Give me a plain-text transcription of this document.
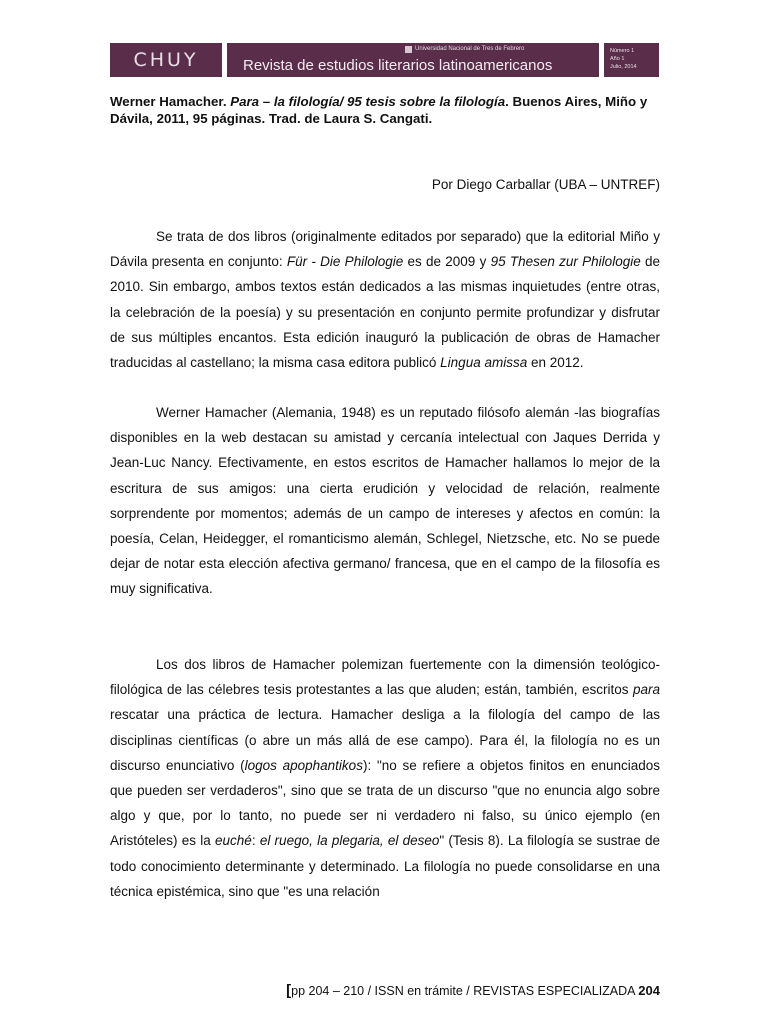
CHUY	Universidad Nacional de Tres de Febrero
Revista de estudios literarios latinoamericanos
Número 1
Año 1
Julio, 2014
Werner Hamacher. Para – la filología/ 95 tesis sobre la filología. Buenos Aires, Miño y Dávila, 2011, 95 páginas. Trad. de Laura S. Cangati.
Por Diego Carballar (UBA – UNTREF)
Se trata de dos libros (originalmente editados por separado) que la editorial Miño y Dávila presenta en conjunto: Für - Die Philologie es de 2009 y 95 Thesen zur Philologie de 2010. Sin embargo, ambos textos están dedicados a las mismas inquietudes (entre otras, la celebración de la poesía) y su presentación en conjunto permite profundizar y disfrutar de sus múltiples encantos. Esta edición inauguró la publicación de obras de Hamacher traducidas al castellano; la misma casa editora publicó Lingua amissa en 2012.
Werner Hamacher (Alemania, 1948) es un reputado filósofo alemán -las biografías disponibles en la web destacan su amistad y cercanía intelectual con Jaques Derrida y Jean-Luc Nancy. Efectivamente, en estos escritos de Hamacher hallamos lo mejor de la escritura de sus amigos: una cierta erudición y velocidad de relación, realmente sorprendente por momentos; además de un campo de intereses y afectos en común: la poesía, Celan, Heidegger, el romanticismo alemán, Schlegel, Nietzsche, etc. No se puede dejar de notar esta elección afectiva germano/ francesa, que en el campo de la filosofía es muy significativa.
Los dos libros de Hamacher polemizan fuertemente con la dimensión teológico-filológica de las célebres tesis protestantes a las que aluden; están, también, escritos para rescatar una práctica de lectura. Hamacher desliga a la filología del campo de las disciplinas científicas (o abre un más allá de ese campo). Para él, la filología no es un discurso enunciativo (logos apophantikos): "no se refiere a objetos finitos en enunciados que pueden ser verdaderos", sino que se trata de un discurso "que no enuncia algo sobre algo y que, por lo tanto, no puede ser ni verdadero ni falso, su único ejemplo (en Aristóteles) es la euché: el ruego, la plegaria, el deseo" (Tesis 8). La filología se sustrae de todo conocimiento determinante y determinado. La filología no puede consolidarse en una técnica epistémica, sino que "es una relación
[pp 204 – 210 / ISSN en trámite / REVISTAS ESPECIALIZADA 204
